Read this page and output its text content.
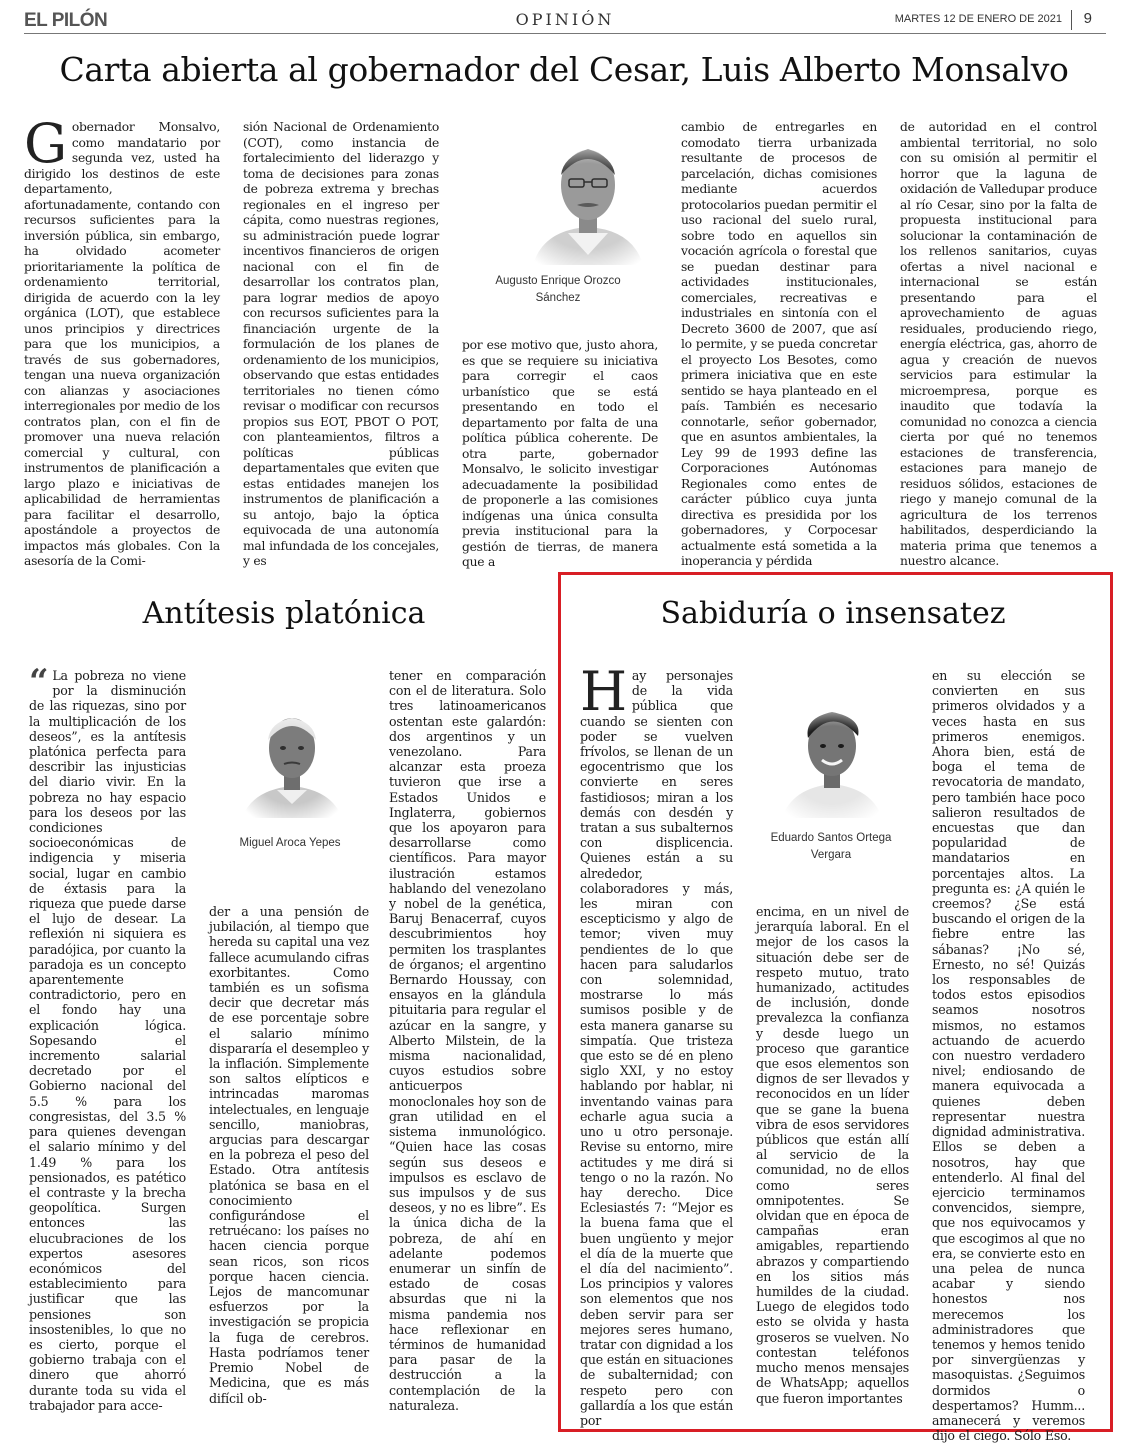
EL PILÓN	OPINIÓN	MARTES 12 DE ENERO DE 2021 9
Carta abierta al gobernador del Cesar, Luis Alberto Monsalvo
G obernador Monsalvo, como mandatario por segunda vez, usted ha dirigido los destinos de este departamento, afortunadamente, contando con recursos suficientes para la inversión pública, sin embargo, ha olvidado acometer prioritariamente la política de ordenamiento territorial, dirigida de acuerdo con la ley orgánica (LOT), que establece unos principios y directrices para que los municipios, a través de sus gobernadores, tengan una nueva organización con alianzas y asociaciones interregionales por medio de los contratos plan, con el fin de promover una nueva relación comercial y cultural, con instrumentos de planificación a largo plazo e iniciativas de aplicabilidad de herramientas para facilitar el desarrollo, apostándole a proyectos de impactos más globales. Con la asesoría de la Comi-
sión Nacional de Ordenamiento (COT), como instancia de fortalecimiento del liderazgo y toma de decisiones para zonas de pobreza extrema y brechas regionales en el ingreso per cápita, como nuestras regiones, su administración puede lograr incentivos financieros de origen nacional con el fin de desarrollar los contratos plan, para lograr medios de apoyo con recursos suficientes para la financiación urgente de la formulación de los planes de ordenamiento de los municipios, observando que estas entidades territoriales no tienen cómo revisar o modificar con recursos propios sus EOT, PBOT O POT, con planteamientos, filtros a políticas públicas departamentales que eviten que estas entidades manejen los instrumentos de planificación a su antojo, bajo la óptica equivocada de una autonomía mal infundada de los concejales, y es
Augusto Enrique Orozco Sánchez
por ese motivo que, justo ahora, es que se requiere su iniciativa para corregir el caos urbanístico que se está presentando en todo el departamento por falta de una política pública coherente. De otra parte, gobernador Monsalvo, le solicito investigar adecuadamente la posibilidad de proponerle a las comisiones indígenas una única consulta previa institucional para la gestión de tierras, de manera que a
cambio de entregarles en comodato tierra urbanizada resultante de procesos de parcelación, dichas comisiones mediante acuerdos protocolarios puedan permitir el uso racional del suelo rural, sobre todo en aquellos sin vocación agrícola o forestal que se puedan destinar para actividades institucionales, comerciales, recreativas e industriales en sintonía con el Decreto 3600 de 2007, que así lo permite, y se pueda concretar el proyecto Los Besotes, como primera iniciativa que en este sentido se haya planteado en el país. También es necesario connotarle, señor gobernador, que en asuntos ambientales, la Ley 99 de 1993 define las Corporaciones Autónomas Regionales como entes de carácter público cuya junta directiva es presidida por los gobernadores, y Corpocesar actualmente está sometida a la inoperancia y pérdida
de autoridad en el control ambiental territorial, no solo con su omisión al permitir el horror que la laguna de oxidación de Valledupar produce al río Cesar, sino por la falta de propuesta institucional para solucionar la contaminación de los rellenos sanitarios, cuyas ofertas a nivel nacional e internacional se están presentando para el aprovechamiento de aguas residuales, produciendo riego, energía eléctrica, gas, ahorro de agua y creación de nuevos servicios para estimular la microempresa, porque es inaudito que todavía la comunidad no conozca a ciencia cierta por qué no tenemos estaciones de transferencia, estaciones para manejo de residuos sólidos, estaciones de riego y manejo comunal de la agricultura de los terrenos habilitados, desperdiciando la materia prima que tenemos a nuestro alcance.
Antítesis platónica
“ La pobreza no viene por la disminución de las riquezas, sino por la multiplicación de los deseos”, es la antítesis platónica perfecta para describir las injusticias del diario vivir. En la pobreza no hay espacio para los deseos por las condiciones socioeconómicas de indigencia y miseria social, lugar en cambio de éxtasis para la riqueza que puede darse el lujo de desear. La reflexión ni siquiera es paradójica, por cuanto la paradoja es un concepto aparentemente contradictorio, pero en el fondo hay una explicación lógica. Sopesando el incremento salarial decretado por el Gobierno nacional del 5.5 % para los congresistas, del 3.5 % para quienes devengan el salario mínimo y del 1.49 % para los pensionados, es patético el contraste y la brecha geopolítica. Surgen entonces las elucubraciones de los expertos asesores económicos del establecimiento para justificar que las pensiones son insostenibles, lo que no es cierto, porque el gobierno trabaja con el dinero que ahorró durante toda su vida el trabajador para acce-
Miguel Aroca Yepes
der a una pensión de jubilación, al tiempo que hereda su capital una vez fallece acumulando cifras exorbitantes. Como también es un sofisma decir que decretar más de ese porcentaje sobre el salario mínimo dispararía el desempleo y la inflación. Simplemente son saltos elípticos e intrincadas maromas intelectuales, en lenguaje sencillo, maniobras, argucias para descargar en la pobreza el peso del Estado. Otra antítesis platónica se basa en el conocimiento configurándose el retruécano: los países no hacen ciencia porque sean ricos, son ricos porque hacen ciencia. Lejos de mancomunar esfuerzos por la investigación se propicia la fuga de cerebros. Hasta podríamos tener Premio Nobel de Medicina, que es más difícil ob-
tener en comparación con el de literatura. Solo tres latinoamericanos ostentan este galardón: dos argentinos y un venezolano. Para alcanzar esta proeza tuvieron que irse a Estados Unidos e Inglaterra, gobiernos que los apoyaron para desarrollarse como científicos. Para mayor ilustración estamos hablando del venezolano y nobel de la genética, Baruj Benacerraf, cuyos descubrimientos hoy permiten los trasplantes de órganos; el argentino Bernardo Houssay, con ensayos en la glándula pituitaria para regular el azúcar en la sangre, y Alberto Milstein, de la misma nacionalidad, cuyos estudios sobre anticuerpos monoclonales hoy son de gran utilidad en el sistema inmunológico. “Quien hace las cosas según sus deseos e impulsos es esclavo de sus impulsos y de sus deseos, y no es libre”. Es la única dicha de la pobreza, de ahí en adelante podemos enumerar un sinfín de estado de cosas absurdas que ni la misma pandemia nos hace reflexionar en términos de humanidad para pasar de la destrucción a la contemplación de la naturaleza.
Sabiduría o insensatez
H ay personajes de la vida pública que cuando se sienten con poder se vuelven frívolos, se llenan de un egocentrismo que los convierte en seres fastidiosos; miran a los demás con desdén y tratan a sus subalternos con displicencia. Quienes están a su alrededor, colaboradores y más, les miran con escepticismo y algo de temor; viven muy pendientes de lo que hacen para saludarlos con solemnidad, mostrarse lo más sumisos posible y de esta manera ganarse su simpatía. Que tristeza que esto se dé en pleno siglo XXI, y no estoy hablando por hablar, ni inventando vainas para echarle agua sucia a uno u otro personaje. Revise su entorno, mire actitudes y me dirá si tengo o no la razón. No hay derecho. Dice Eclesiastés 7: “Mejor es la buena fama que el buen ungüento y mejor el día de la muerte que el día del nacimiento”. Los principios y valores son elementos que nos deben servir para ser mejores seres humano, tratar con dignidad a los que están en situaciones de subalternidad; con respeto pero con gallardía a los que están por
Eduardo Santos Ortega Vergara
encima, en un nivel de jerarquía laboral. En el mejor de los casos la situación debe ser de respeto mutuo, trato humanizado, actitudes de inclusión, donde prevalezca la confianza y desde luego un proceso que garantice que esos elementos son dignos de ser llevados y reconocidos en un líder que se gane la buena vibra de esos servidores públicos que están allí al servicio de la comunidad, no de ellos como seres omnipotentes. Se olvidan que en época de campañas eran amigables, repartiendo abrazos y compartiendo en los sitios más humildes de la ciudad. Luego de elegidos todo esto se olvida y hasta groseros se vuelven. No contestan teléfonos mucho menos mensajes de WhatsApp; aquellos que fueron importantes
en su elección se convierten en sus primeros olvidados y a veces hasta en sus primeros enemigos. Ahora bien, está de boga el tema de revocatoria de mandato, pero también hace poco salieron resultados de encuestas que dan popularidad de mandatarios en porcentajes altos. La pregunta es: ¿A quién le creemos? ¿Se está buscando el origen de la fiebre entre las sábanas? ¡No sé, Ernesto, no sé! Quizás los responsables de todos estos episodios seamos nosotros mismos, no estamos actuando de acuerdo con nuestro verdadero nivel; endiosando de manera equivocada a quienes deben representar nuestra dignidad administrativa. Ellos se deben a nosotros, hay que entenderlo. Al final del ejercicio terminamos convencidos, siempre, que nos equivocamos y que escogimos al que no era, se convierte esto en una pelea de nunca acabar y siendo honestos nos merecemos los administradores que tenemos y hemos tenido por sinvergüenzas y masoquistas. ¿Seguimos dormidos o despertamos? Humm... amanecerá y veremos dijo el ciego. Sólo Eso.
